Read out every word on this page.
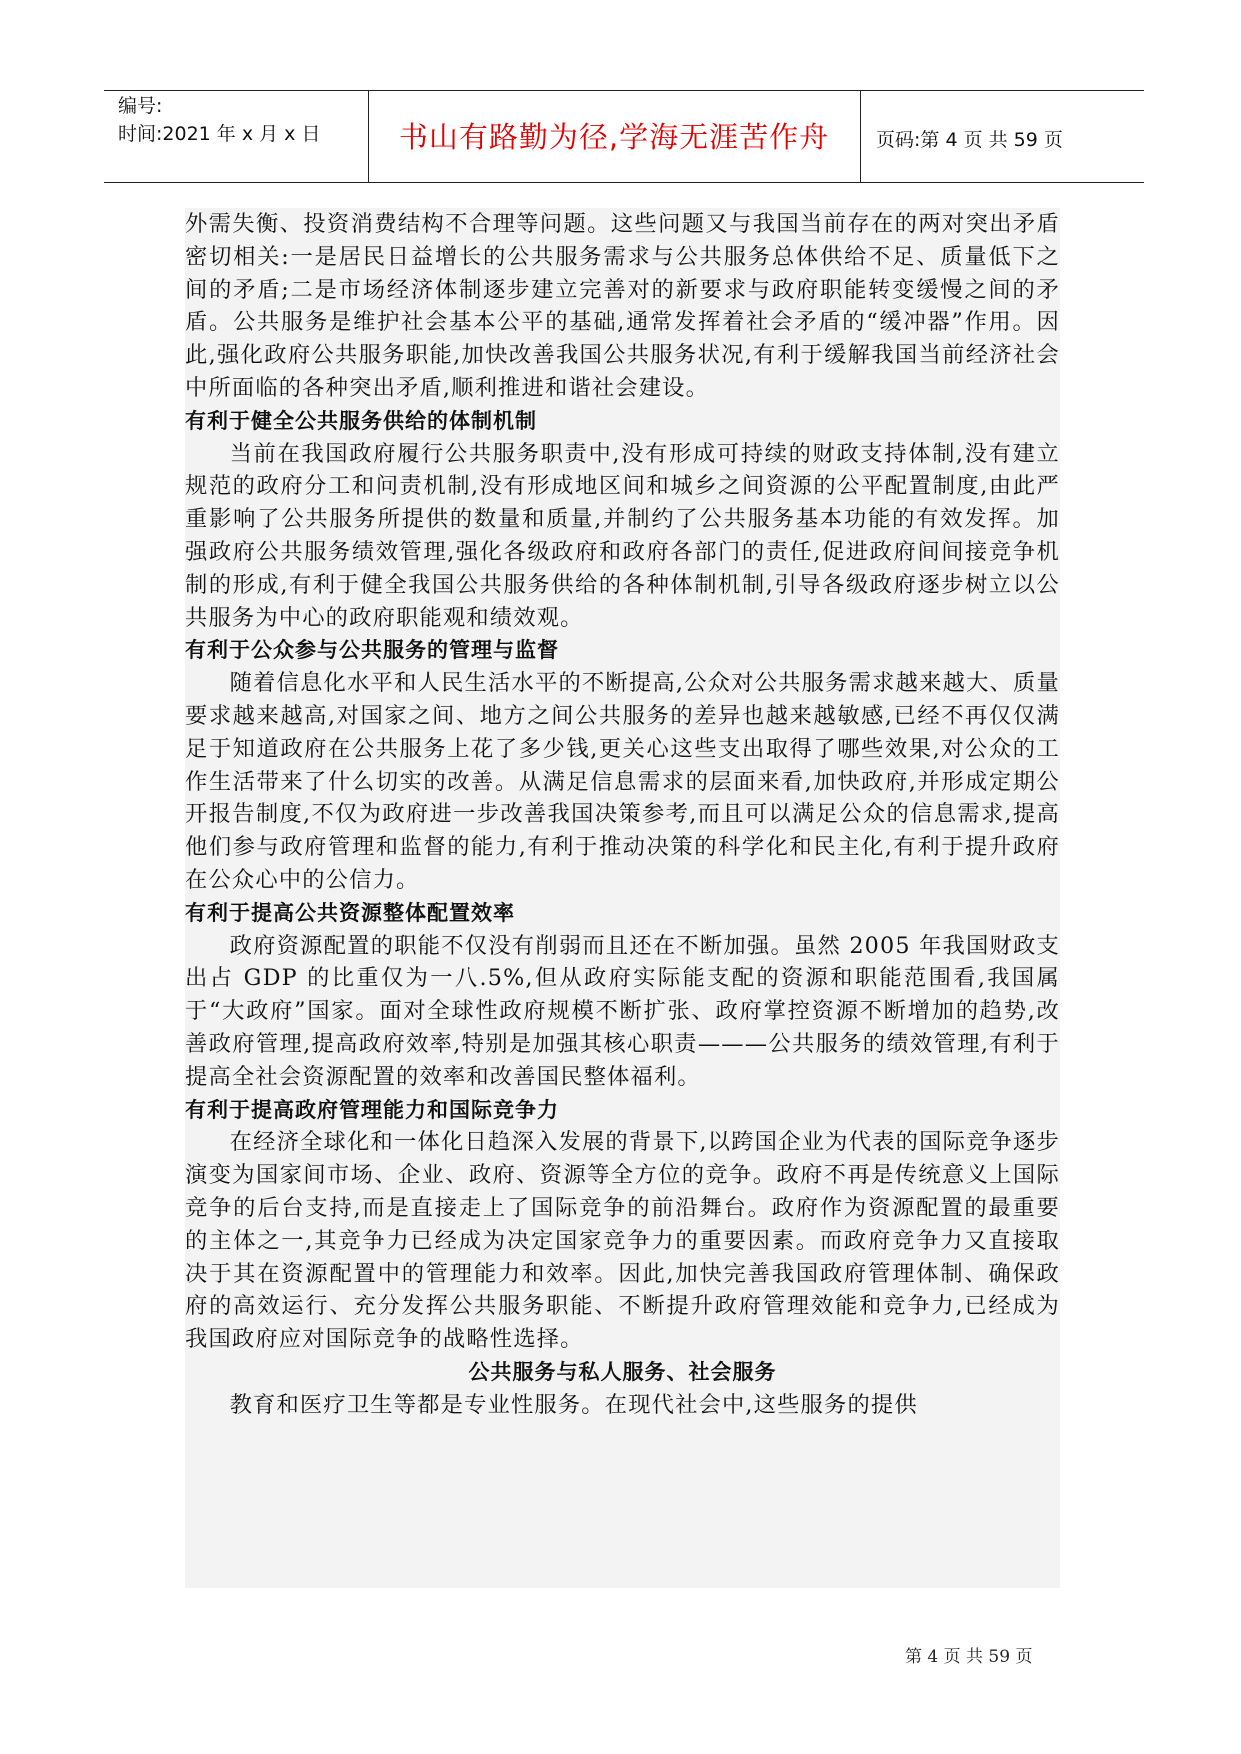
编号:
时间:2021 年 x 月 x 日	书山有路勤为径,学海无涯苦作舟	页码:第 4 页 共 59 页
外需失衡、投资消费结构不合理等问题。这些问题又与我国当前存在的两对突出矛盾密切相关:一是居民日益增长的公共服务需求与公共服务总体供给不足、质量低下之间的矛盾;二是市场经济体制逐步建立完善对的新要求与政府职能转变缓慢之间的矛盾。公共服务是维护社会基本公平的基础,通常发挥着社会矛盾的“缓冲器”作用。因此,强化政府公共服务职能,加快改善我国公共服务状况,有利于缓解我国当前经济社会中所面临的各种突出矛盾,顺利推进和谐社会建设。
有利于健全公共服务供给的体制机制
当前在我国政府履行公共服务职责中,没有形成可持续的财政支持体制,没有建立规范的政府分工和问责机制,没有形成地区间和城乡之间资源的公平配置制度,由此严重影响了公共服务所提供的数量和质量,并制约了公共服务基本功能的有效发挥。加强政府公共服务绩效管理,强化各级政府和政府各部门的责任,促进政府间间接竞争机制的形成,有利于健全我国公共服务供给的各种体制机制,引导各级政府逐步树立以公共服务为中心的政府职能观和绩效观。
有利于公众参与公共服务的管理与监督
随着信息化水平和人民生活水平的不断提高,公众对公共服务需求越来越大、质量要求越来越高,对国家之间、地方之间公共服务的差异也越来越敏感,已经不再仅仅满足于知道政府在公共服务上花了多少钱,更关心这些支出取得了哪些效果,对公众的工作生活带来了什么切实的改善。从满足信息需求的层面来看,加快政府,并形成定期公开报告制度,不仅为政府进一步改善我国决策参考,而且可以满足公众的信息需求,提高他们参与政府管理和监督的能力,有利于推动决策的科学化和民主化,有利于提升政府在公众心中的公信力。
有利于提高公共资源整体配置效率
政府资源配置的职能不仅没有削弱而且还在不断加强。虽然 2005 年我国财政支出占 GDP 的比重仅为一八.5%,但从政府实际能支配的资源和职能范围看,我国属于“大政府”国家。面对全球性政府规模不断扩张、政府掌控资源不断增加的趋势,改善政府管理,提高政府效率,特别是加强其核心职责———公共服务的绩效管理,有利于提高全社会资源配置的效率和改善国民整体福利。
有利于提高政府管理能力和国际竞争力
在经济全球化和一体化日趋深入发展的背景下,以跨国企业为代表的国际竞争逐步演变为国家间市场、企业、政府、资源等全方位的竞争。政府不再是传统意义上国际竞争的后台支持,而是直接走上了国际竞争的前沿舞台。政府作为资源配置的最重要的主体之一,其竞争力已经成为决定国家竞争力的重要因素。而政府竞争力又直接取决于其在资源配置中的管理能力和效率。因此,加快完善我国政府管理体制、确保政府的高效运行、充分发挥公共服务职能、不断提升政府管理效能和竞争力,已经成为我国政府应对国际竞争的战略性选择。
公共服务与私人服务、社会服务
教育和医疗卫生等都是专业性服务。在现代社会中,这些服务的提供
第 4 页 共 59 页
